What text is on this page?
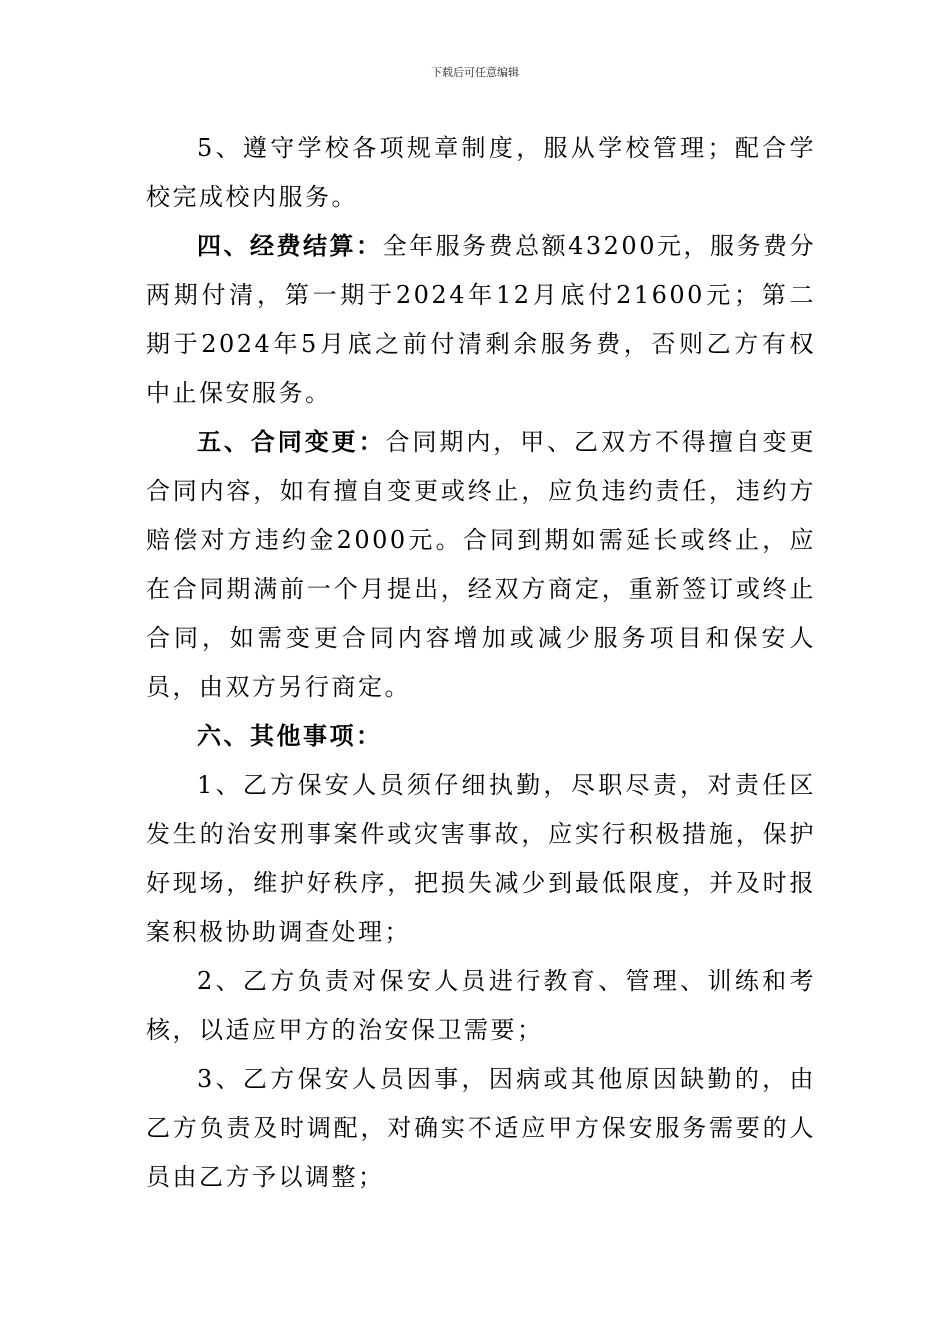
下载后可任意编辑

5、遵守学校各项规章制度，服从学校管理；配合学校完成校内服务。

四、经费结算：全年服务费总额43200元，服务费分两期付清，第一期于2024年12月底付21600元；第二期于2024年5月底之前付清剩余服务费，否则乙方有权中止保安服务。

五、合同变更：合同期内，甲、乙双方不得擅自变更合同内容，如有擅自变更或终止，应负违约责任，违约方赔偿对方违约金2000元。合同到期如需延长或终止，应在合同期满前一个月提出，经双方商定，重新签订或终止合同，如需变更合同内容增加或减少服务项目和保安人员，由双方另行商定。

六、其他事项：

1、乙方保安人员须仔细执勤，尽职尽责，对责任区发生的治安刑事案件或灾害事故，应实行积极措施，保护好现场，维护好秩序，把损失减少到最低限度，并及时报案积极协助调查处理；

2、乙方负责对保安人员进行教育、管理、训练和考核，以适应甲方的治安保卫需要；

3、乙方保安人员因事，因病或其他原因缺勤的，由乙方负责及时调配，对确实不适应甲方保安服务需要的人员由乙方予以调整；
